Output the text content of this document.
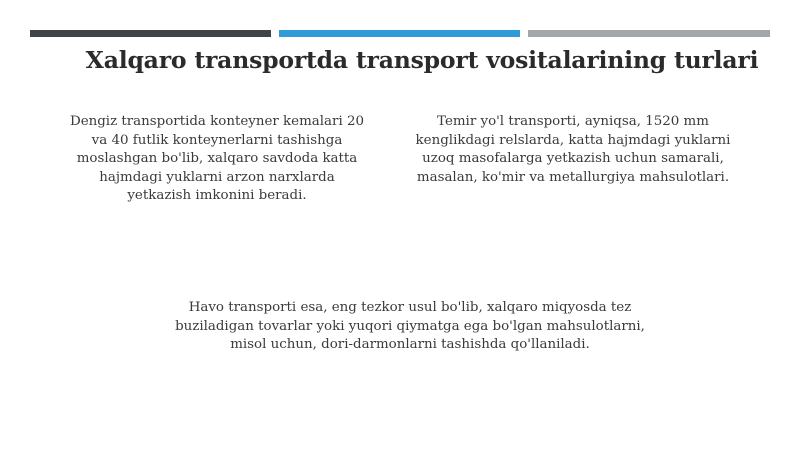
Xalqaro transportda transport vositalarining turlari

Dengiz transportida konteyner kemalari 20
va 40 futlik konteynerlarni tashishga
moslashgan bo'lib, xalqaro savdoda katta
hajmdagi yuklarni arzon narxlarda
yetkazish imkonini beradi.

Temir yo'l transporti, ayniqsa, 1520 mm
kenglikdagi relslarda, katta hajmdagi yuklarni
uzoq masofalarga yetkazish uchun samarali,
masalan, ko'mir va metallurgiya mahsulotlari.

Havo transporti esa, eng tezkor usul bo'lib, xalqaro miqyosda tez
buziladigan tovarlar yoki yuqori qiymatga ega bo'lgan mahsulotlarni,
misol uchun, dori-darmonlarni tashishda qo'llaniladi.
